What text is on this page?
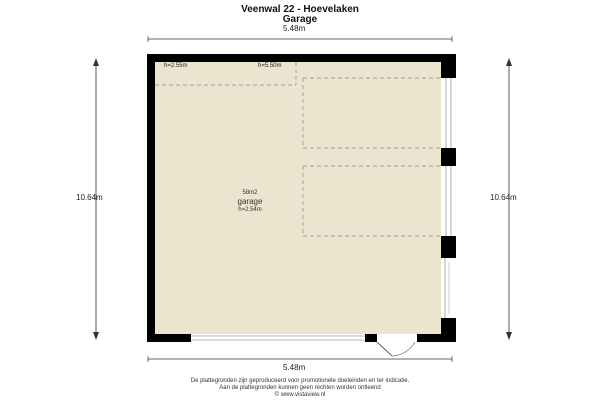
Veenwal 22 - Hoevelaken
Garage
5.48m
5.48m
10.64m	10.64m
h=2.55m	h=5.50m
58m2
garage
h=2.54m
De plattegronden zijn geproduceerd voor promotionele doeleinden en ter indicatie.
Aan de plattegronden kunnen geen rechten worden ontleend
© www.vistaview.nl
